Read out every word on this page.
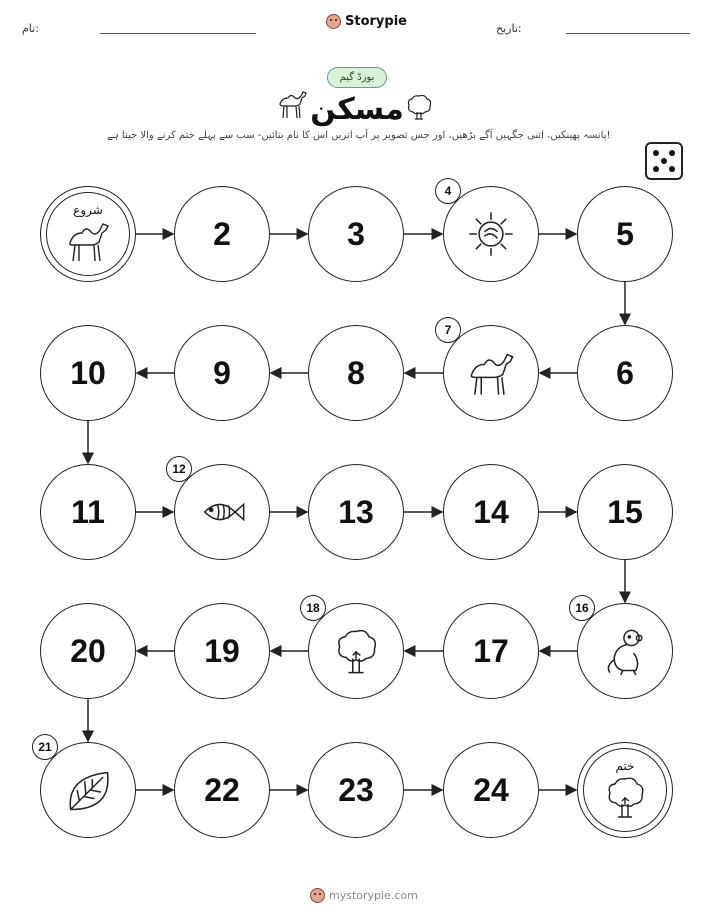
نام:	Storypie	تاریخ:
بورڈ گیم
مسکن
پانسہ پھینکیں، اتنی جگہیں آگے بڑھیں، اور جس تصویر پر آپ اتریں اس کا نام بتائیں- سب سے پہلے ختم کرنے والا جیتا ہے!
شروع
2	3
4
5
6
7
8
9
10
11
12
13	14	15
16
17
18
19
20
21
22	23	24
ختم
mystorypie.com
